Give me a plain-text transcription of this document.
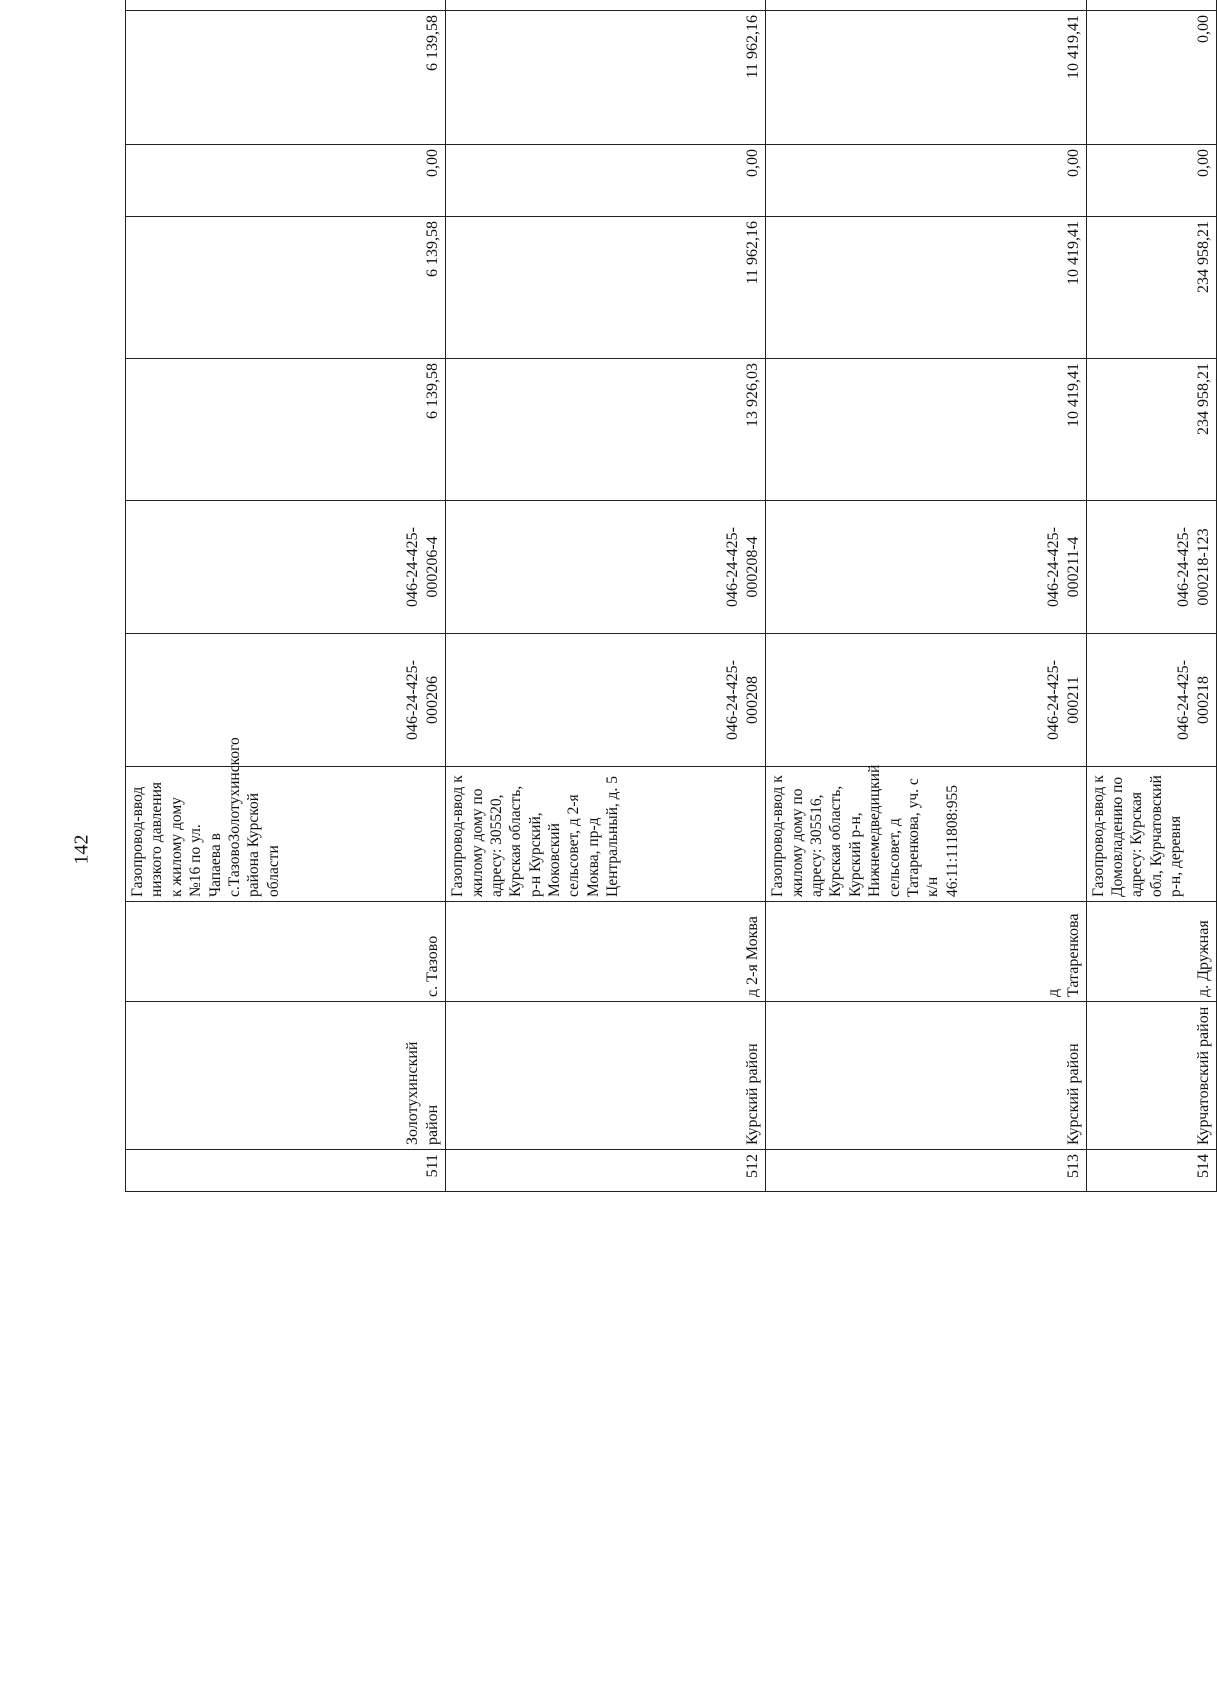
142
511	Золотухинский район	с. Тазово	Газопровод-ввод низкого давления к жилому дому №16 по ул. Чапаева в с.ТазовоЗолотухинского района Курской области	046-24-425-000206	046-24-425-000206-4	6 139,58	6 139,58	0,00	6 139,58		
512	Курский район	д 2-я Моква	Газопровод-ввод к жилому дому по адресу: 305520, Курская область, р-н Курский, Моковский сельсовет, д 2-я Моква, пр-д Центральный, д. 5	046-24-425-000208	046-24-425-000208-4	13 926,03	11 962,16	0,00	11 962,16		
513	Курский район	д Татаренкова	Газопровод-ввод к жилому дому по адресу: 305516, Курская область, Курский р-н, Нижнемедведицкий сельсовет, д Татаренкова, уч. с к/н 46:11:111808:955	046-24-425-000211	046-24-425-000211-4	10 419,41	10 419,41	0,00	10 419,41		
514	Курчатовский район	д. Дружная	Газопровод-ввод к Домовладению по адресу: Курская обл, Курчатовский р-н, деревня	046-24-425-000218	046-24-425-000218-123	234 958,21	234 958,21	0,00	0,00		
